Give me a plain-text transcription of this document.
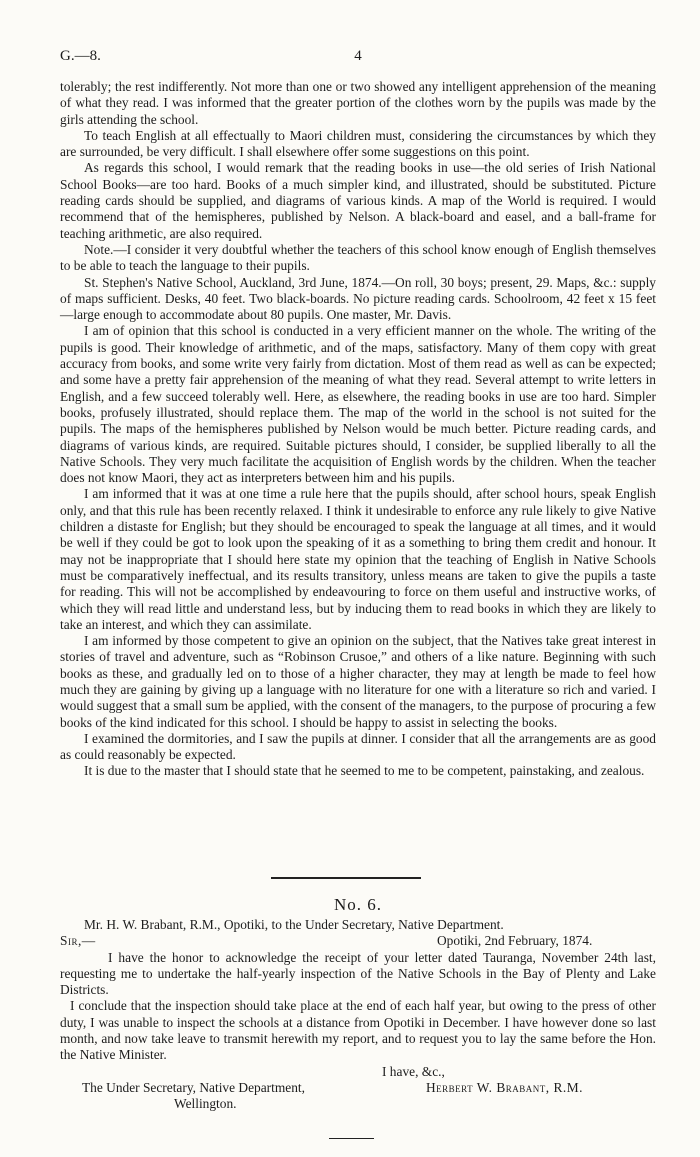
G.—8.	4

tolerably; the rest indifferently. Not more than one or two showed any intelligent apprehension of the meaning of what they read. I was informed that the greater portion of the clothes worn by the pupils was made by the girls attending the school.

To teach English at all effectually to Maori children must, considering the circumstances by which they are surrounded, be very difficult. I shall elsewhere offer some suggestions on this point.

As regards this school, I would remark that the reading books in use—the old series of Irish National School Books—are too hard. Books of a much simpler kind, and illustrated, should be substituted. Picture reading cards should be supplied, and diagrams of various kinds. A map of the World is required. I would recommend that of the hemispheres, published by Nelson. A black-board and easel, and a ball-frame for teaching arithmetic, are also required.

Note.—I consider it very doubtful whether the teachers of this school know enough of English themselves to be able to teach the language to their pupils.

St. Stephen's Native School, Auckland, 3rd June, 1874.—On roll, 30 boys; present, 29. Maps, &c.: supply of maps sufficient. Desks, 40 feet. Two black-boards. No picture reading cards. Schoolroom, 42 feet x 15 feet—large enough to accommodate about 80 pupils. One master, Mr. Davis.

I am of opinion that this school is conducted in a very efficient manner on the whole. The writing of the pupils is good. Their knowledge of arithmetic, and of the maps, satisfactory. Many of them copy with great accuracy from books, and some write very fairly from dictation. Most of them read as well as can be expected; and some have a pretty fair apprehension of the meaning of what they read. Several attempt to write letters in English, and a few succeed tolerably well. Here, as elsewhere, the reading books in use are too hard. Simpler books, profusely illustrated, should replace them. The map of the world in the school is not suited for the pupils. The maps of the hemispheres published by Nelson would be much better. Picture reading cards, and diagrams of various kinds, are required. Suitable pictures should, I consider, be supplied liberally to all the Native Schools. They very much facilitate the acquisition of English words by the children. When the teacher does not know Maori, they act as interpreters between him and his pupils.

I am informed that it was at one time a rule here that the pupils should, after school hours, speak English only, and that this rule has been recently relaxed. I think it undesirable to enforce any rule likely to give Native children a distaste for English; but they should be encouraged to speak the language at all times, and it would be well if they could be got to look upon the speaking of it as a something to bring them credit and honour. It may not be inappropriate that I should here state my opinion that the teaching of English in Native Schools must be comparatively ineffectual, and its results transitory, unless means are taken to give the pupils a taste for reading. This will not be accomplished by endeavouring to force on them useful and instructive works, of which they will read little and understand less, but by inducing them to read books in which they are likely to take an interest, and which they can assimilate.

I am informed by those competent to give an opinion on the subject, that the Natives take great interest in stories of travel and adventure, such as “Robinson Crusoe,” and others of a like nature. Beginning with such books as these, and gradually led on to those of a higher character, they may at length be made to feel how much they are gaining by giving up a language with no literature for one with a literature so rich and varied. I would suggest that a small sum be applied, with the consent of the managers, to the purpose of procuring a few books of the kind indicated for this school. I should be happy to assist in selecting the books.

I examined the dormitories, and I saw the pupils at dinner. I consider that all the arrangements are as good as could reasonably be expected.

It is due to the master that I should state that he seemed to me to be competent, painstaking, and zealous.

No. 6.

Mr. H. W. Brabant, R.M., Opotiki, to the Under Secretary, Native Department.

Sir,—	Opotiki, 2nd February, 1874.

I have the honor to acknowledge the receipt of your letter dated Tauranga, November 24th last, requesting me to undertake the half-yearly inspection of the Native Schools in the Bay of Plenty and Lake Districts.

I conclude that the inspection should take place at the end of each half year, but owing to the press of other duty, I was unable to inspect the schools at a distance from Opotiki in December. I have however done so last month, and now take leave to transmit herewith my report, and to request you to lay the same before the Hon. the Native Minister.

I have, &c.,
The Under Secretary, Native Department,	Herbert W. Brabant, R.M.
Wellington.
